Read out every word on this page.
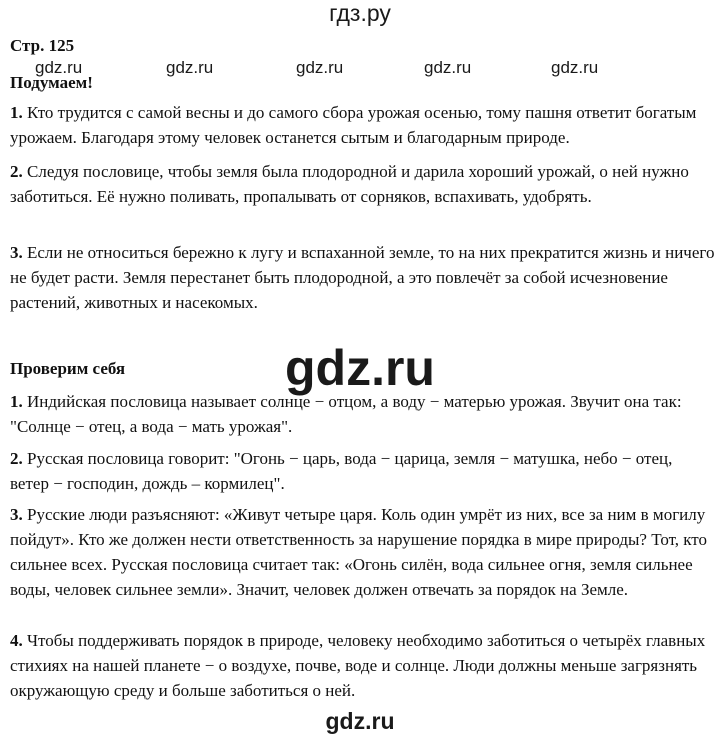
гдз.ру
gdz.ru	gdz.ru	gdz.ru	gdz.ru	gdz.ru
Стр. 125
Подумаем!
1. Кто трудится с самой весны и до самого сбора урожая осенью, тому пашня ответит богатым урожаем. Благодаря этому человек останется сытым и благодарным природе.
2. Следуя пословице, чтобы земля была плодородной и дарила хороший урожай, о ней нужно заботиться. Её нужно поливать, пропалывать от сорняков, вспахивать, удобрять.
3. Если не относиться бережно к лугу и вспаханной земле, то на них прекратится жизнь и ничего не будет расти. Земля перестанет быть плодородной, а это повлечёт за собой исчезновение растений, животных и насекомых.
gdz.ru
Проверим себя
1. Индийская пословица называет солнце − отцом, а воду − матерью урожая. Звучит она так: "Солнце − отец, а вода − мать урожая".
2. Русская пословица говорит: "Огонь − царь, вода − царица, земля − матушка, небо − отец, ветер − господин, дождь – кормилец".
3. Русские люди разъясняют: «Живут четыре царя. Коль один умрёт из них, все за ним в могилу пойдут». Кто же должен нести ответственность за нарушение порядка в мире природы? Тот, кто сильнее всех. Русская пословица считает так: «Огонь силён, вода сильнее огня, земля сильнее воды, человек сильнее земли». Значит, человек должен отвечать за порядок на Земле.
4. Чтобы поддерживать порядок в природе, человеку необходимо заботиться о четырёх главных стихиях на нашей планете − о воздухе, почве, воде и солнце. Люди должны меньше загрязнять окружающую среду и больше заботиться о ней.
gdz.ru
